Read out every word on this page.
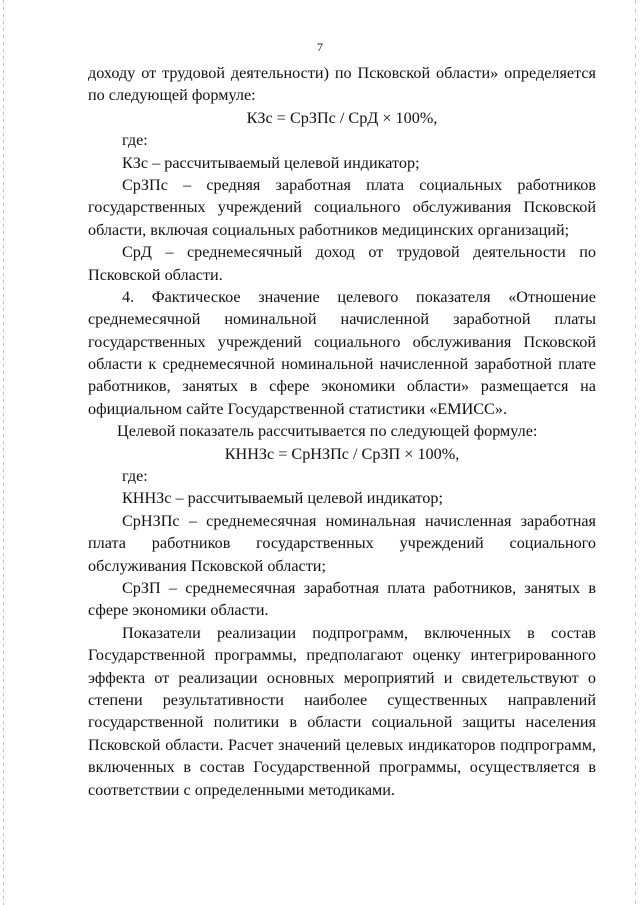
7
доходу от трудовой деятельности) по Псковской области» определяется
по следующей формуле:
КЗс = СрЗПс / СрД × 100%,
где:
КЗс – рассчитываемый целевой индикатор;
СрЗПс – средняя заработная плата социальных работников
государственных учреждений социального обслуживания Псковской
области, включая социальных работников медицинских организаций;
СрД – среднемесячный доход от трудовой деятельности по
Псковской области.
4. Фактическое значение целевого показателя «Отношение
среднемесячной номинальной начисленной заработной платы
государственных учреждений социального обслуживания Псковской
области к среднемесячной номинальной начисленной заработной плате
работников, занятых в сфере экономики области» размещается на
официальном сайте Государственной статистики «ЕМИСС».
Целевой показатель рассчитывается по следующей формуле:
КННЗс = СрНЗПс / СрЗП × 100%,
где:
КННЗс – рассчитываемый целевой индикатор;
СрНЗПс – среднемесячная номинальная начисленная заработная
плата работников государственных учреждений социального
обслуживания Псковской области;
СрЗП – среднемесячная заработная плата работников, занятых в
сфере экономики области.
Показатели реализации подпрограмм, включенных в состав
Государственной программы, предполагают оценку интегрированного
эффекта от реализации основных мероприятий и свидетельствуют о
степени результативности наиболее существенных направлений
государственной политики в области социальной защиты населения
Псковской области. Расчет значений целевых индикаторов подпрограмм,
включенных в состав Государственной программы, осуществляется в
соответствии с определенными методиками.
